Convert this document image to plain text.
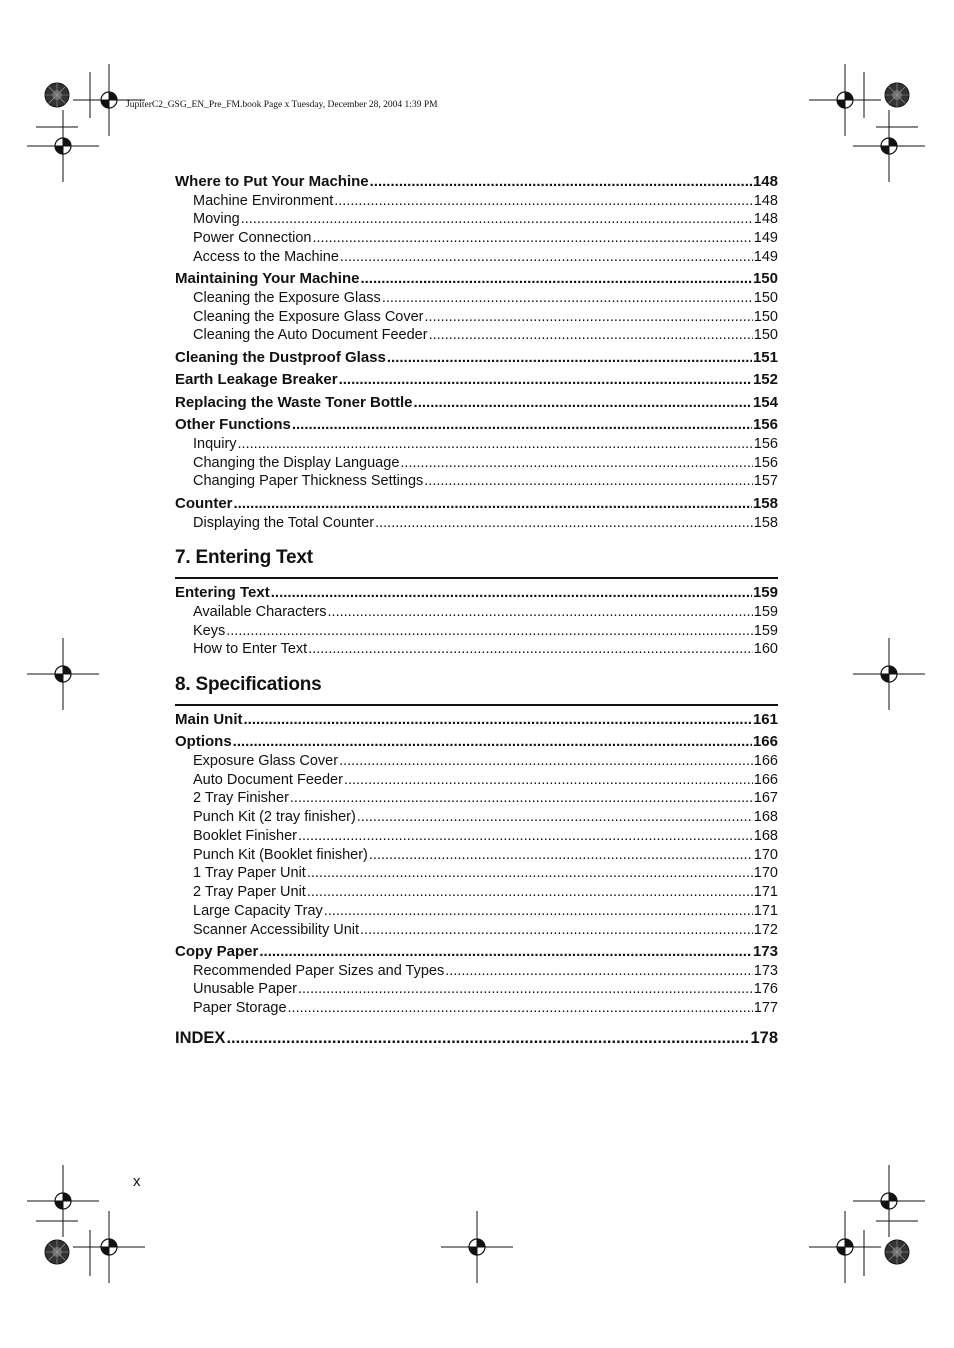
JupiterC2_GSG_EN_Pre_FM.book Page x Tuesday, December 28, 2004 1:39 PM
Where to Put Your Machine .....	148
Machine Environment .....	148
Moving .....	148
Power Connection .....	149
Access to the Machine .....	149
Maintaining Your Machine .....	150
Cleaning the Exposure Glass .....	150
Cleaning the Exposure Glass Cover .....	150
Cleaning the Auto Document Feeder .....	150
Cleaning the Dustproof Glass .....	151
Earth Leakage Breaker .....	152
Replacing the Waste Toner Bottle .....	154
Other Functions .....	156
Inquiry .....	156
Changing the Display Language .....	156
Changing Paper Thickness Settings .....	157
Counter .....	158
Displaying the Total Counter .....	158
Entering Text .....	159
Available Characters .....	159
Keys .....	159
How to Enter Text .....	160
Main Unit .....	161
Options .....	166
Exposure Glass Cover .....	166
Auto Document Feeder .....	166
2 Tray Finisher .....	167
Punch Kit (2 tray finisher) .....	168
Booklet Finisher .....	168
Punch Kit (Booklet finisher) .....	170
1 Tray Paper Unit .....	170
2 Tray Paper Unit .....	171
Large Capacity Tray .....	171
Scanner Accessibility Unit .....	172
Copy Paper .....	173
Recommended Paper Sizes and Types .....	173
Unusable Paper .....	176
Paper Storage .....	177
INDEX .....	178
7. Entering Text
8. Specifications
x
